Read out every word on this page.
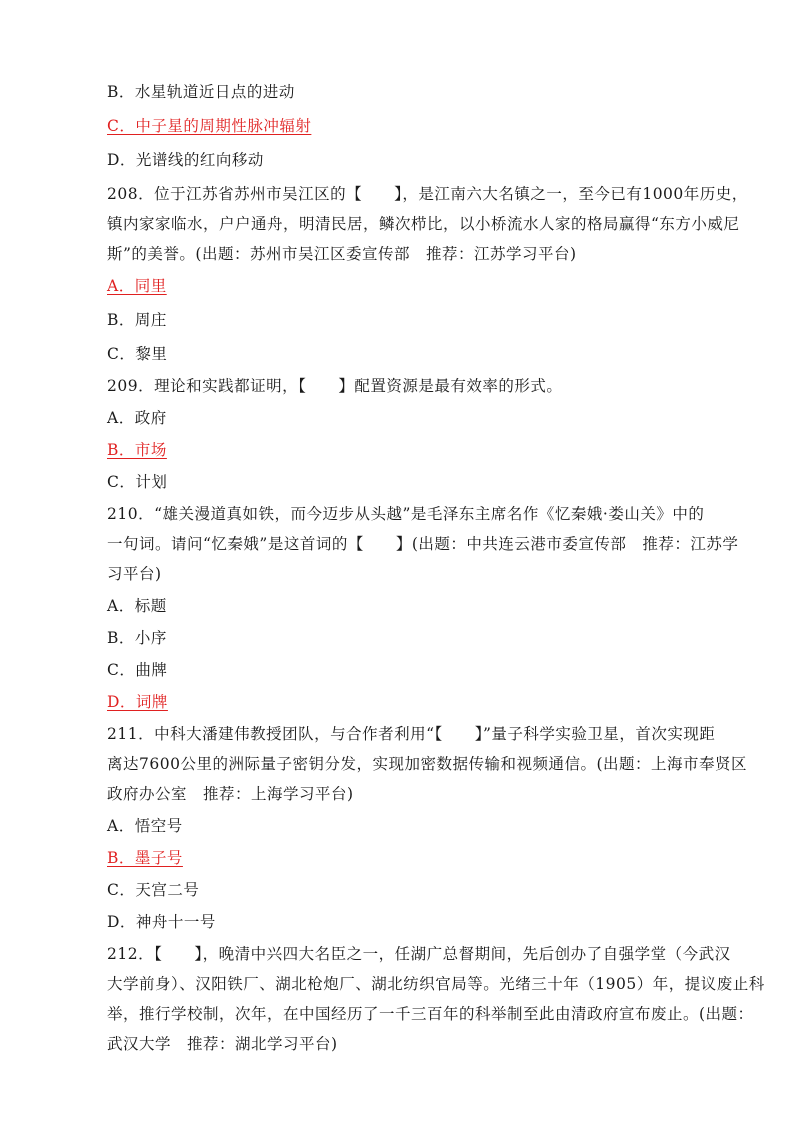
B．水星轨道近日点的进动
C．中子星的周期性脉冲辐射
D．光谱线的红向移动
208．位于江苏省苏州市吴江区的【　　】，是江南六大名镇之一，至今已有1000年历史，
镇内家家临水，户户通舟，明清民居，鳞次栉比，以小桥流水人家的格局赢得“东方小威尼
斯”的美誉。(出题：苏州市吴江区委宣传部　推荐：江苏学习平台)
A．同里
B．周庄
C．黎里
209．理论和实践都证明，【　　】配置资源是最有效率的形式。
A．政府
B．市场
C．计划
210．“雄关漫道真如铁，而今迈步从头越”是毛泽东主席名作《忆秦娥·娄山关》中的
一句词。请问“忆秦娥”是这首词的【　　】(出题：中共连云港市委宣传部　推荐：江苏学
习平台)
A．标题
B．小序
C．曲牌
D．词牌
211．中科大潘建伟教授团队，与合作者利用“【　　】”量子科学实验卫星，首次实现距
离达7600公里的洲际量子密钥分发，实现加密数据传输和视频通信。(出题：上海市奉贤区
政府办公室　推荐：上海学习平台)
A．悟空号
B．墨子号
C．天宫二号
D．神舟十一号
212．【　　】，晚清中兴四大名臣之一，任湖广总督期间，先后创办了自强学堂（今武汉
大学前身）、汉阳铁厂、湖北枪炮厂、湖北纺织官局等。光绪三十年（1905）年，提议废止科
举，推行学校制，次年，在中国经历了一千三百年的科举制至此由清政府宣布废止。(出题：
武汉大学　推荐：湖北学习平台)
